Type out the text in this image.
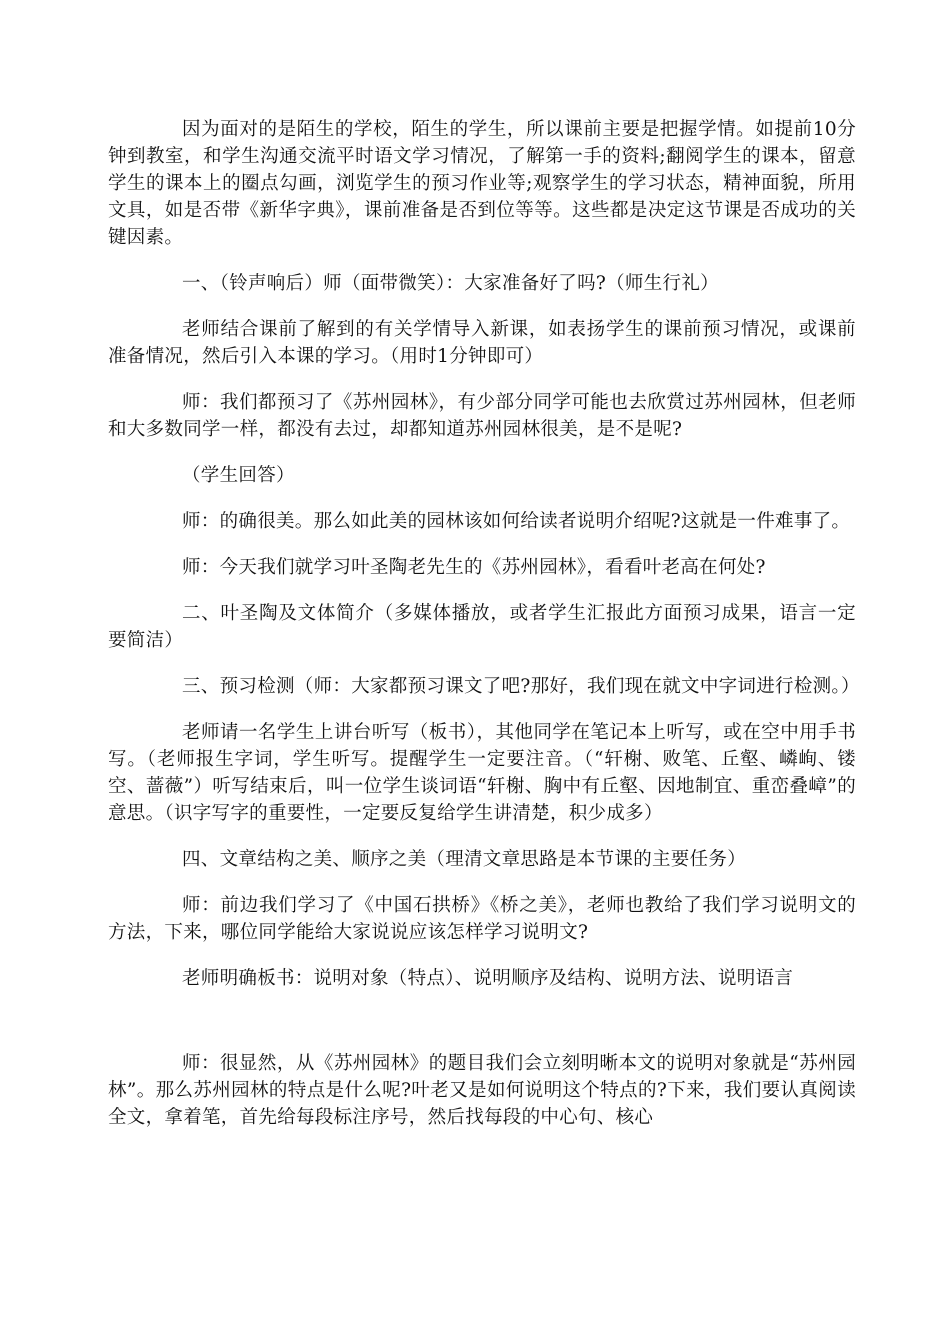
因为面对的是陌生的学校，陌生的学生，所以课前主要是把握学情。如提前10分钟到教室，和学生沟通交流平时语文学习情况，了解第一手的资料;翻阅学生的课本，留意学生的课本上的圈点勾画，浏览学生的预习作业等;观察学生的学习状态，精神面貌，所用文具，如是否带《新华字典》，课前准备是否到位等等。这些都是决定这节课是否成功的关键因素。

一、（铃声响后）师（面带微笑）：大家准备好了吗?（师生行礼）

老师结合课前了解到的有关学情导入新课，如表扬学生的课前预习情况，或课前准备情况，然后引入本课的学习。（用时1分钟即可）

师：我们都预习了《苏州园林》，有少部分同学可能也去欣赏过苏州园林，但老师和大多数同学一样，都没有去过，却都知道苏州园林很美，是不是呢?

（学生回答）

师：的确很美。那么如此美的园林该如何给读者说明介绍呢?这就是一件难事了。

师：今天我们就学习叶圣陶老先生的《苏州园林》，看看叶老高在何处?

二、叶圣陶及文体简介（多媒体播放，或者学生汇报此方面预习成果，语言一定要简洁）

三、预习检测（师：大家都预习课文了吧?那好，我们现在就文中字词进行检测。）

老师请一名学生上讲台听写（板书），其他同学在笔记本上听写，或在空中用手书写。（老师报生字词，学生听写。提醒学生一定要注音。（“轩榭、败笔、丘壑、嶙峋、镂空、蔷薇”）听写结束后，叫一位学生谈词语“轩榭、胸中有丘壑、因地制宜、重峦叠嶂”的意思。（识字写字的重要性，一定要反复给学生讲清楚，积少成多）

四、文章结构之美、顺序之美（理清文章思路是本节课的主要任务）

师：前边我们学习了《中国石拱桥》《桥之美》，老师也教给了我们学习说明文的方法，下来，哪位同学能给大家说说应该怎样学习说明文?

老师明确板书：说明对象（特点）、说明顺序及结构、说明方法、说明语言

师：很显然，从《苏州园林》的题目我们会立刻明晰本文的说明对象就是“苏州园林”。那么苏州园林的特点是什么呢?叶老又是如何说明这个特点的?下来，我们要认真阅读全文，拿着笔，首先给每段标注序号，然后找每段的中心句、核心
